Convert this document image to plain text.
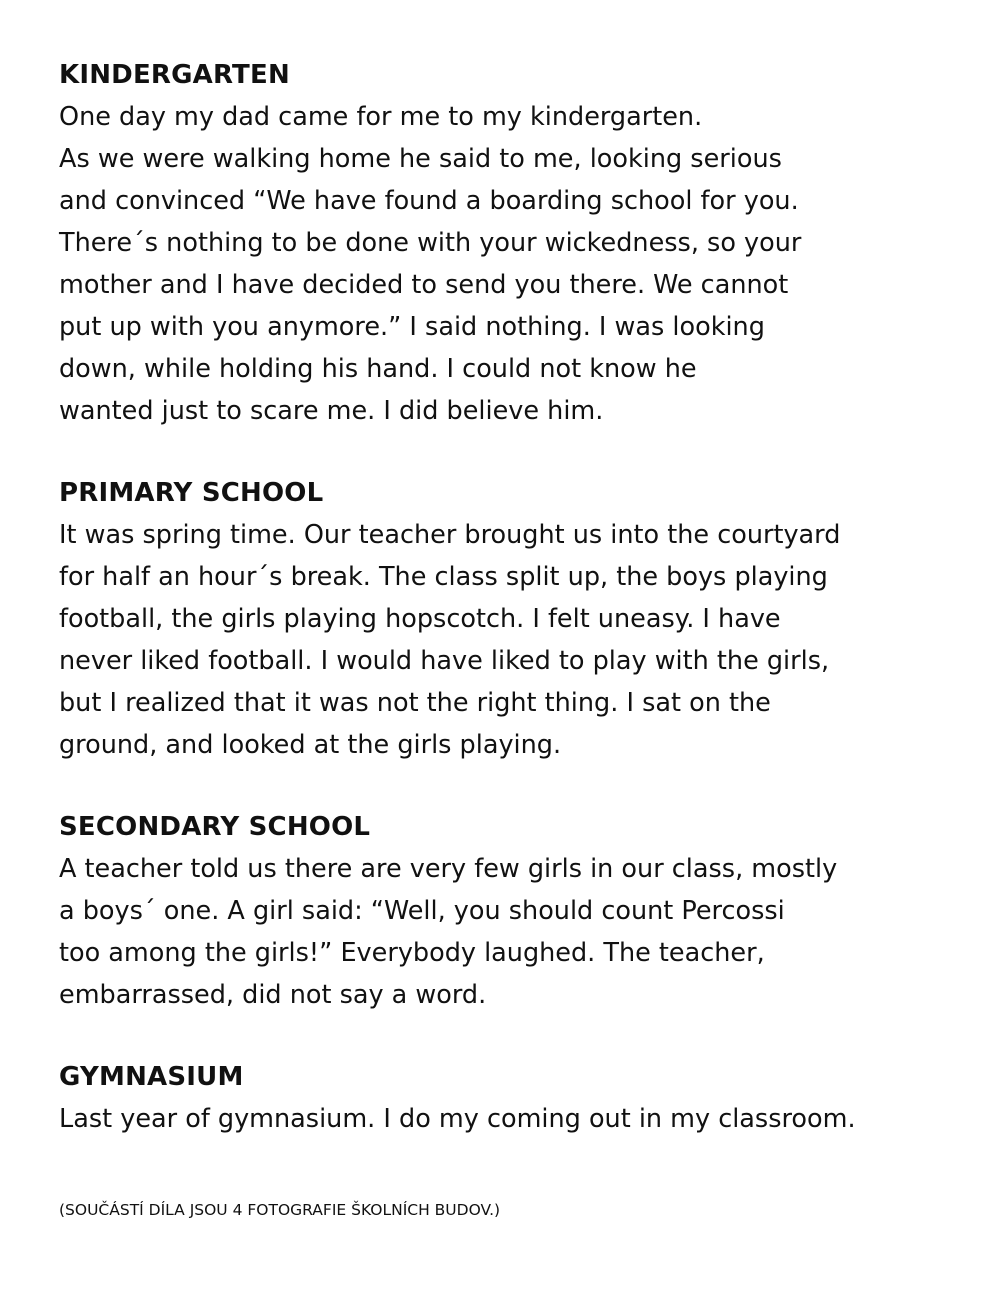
KINDERGARTEN

One day my dad came for me to my kindergarten.

As we were walking home he said to me, looking serious

and convinced “We have found a boarding school for you.

There´s nothing to be done with your wickedness, so your

mother and I have decided to send you there. We cannot

put up with you anymore.” I said nothing. I was looking

down, while holding his hand. I could not know he

wanted just to scare me. I did believe him.

PRIMARY SCHOOL

It was spring time. Our teacher brought us into the courtyard

for half an hour´s break. The class split up, the boys playing

football, the girls playing hopscotch. I felt uneasy. I have

never liked football. I would have liked to play with the girls,

but I realized that it was not the right thing. I sat on the

ground, and looked at the girls playing.

SECONDARY SCHOOL

A teacher told us there are very few girls in our class, mostly

a boys´ one. A girl said: “Well, you should count Percossi

too among the girls!” Everybody laughed. The teacher,

embarrassed, did not say a word.

GYMNASIUM

Last year of gymnasium. I do my coming out in my classroom.

(SOUČÁSTÍ DÍLA JSOU 4 FOTOGRAFIE ŠKOLNÍCH BUDOV.)
